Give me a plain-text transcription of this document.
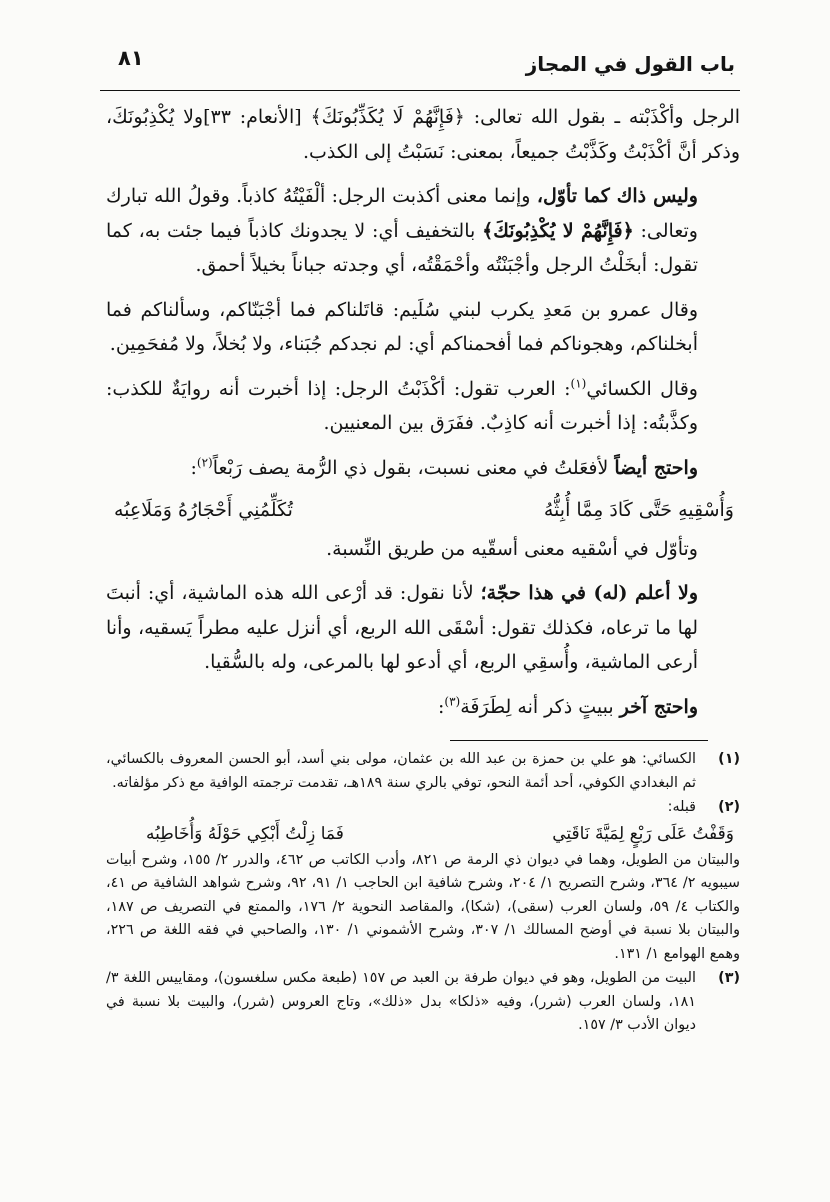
باب القول في المجاز
٨١

الرجل وأكْذَبْته ـ بقول الله تعالى: ﴿فَإِنَّهُمْ لَا يُكَذِّبُونَكَ﴾ [الأنعام: ٣٣]ولا يُكْذِبُونَكَ، وذكر أنَّ أكْذَبْتُ وكَذَّبْتُ جميعاً، بمعنى: نَسَبْتُ إلى الكذب.

وليس ذاك كما تأوّل، وإنما معنى أكذبت الرجل: ألْفَيْتُهُ كاذباً. وقولُ الله تبارك وتعالى: ﴿فَإِنَّهُمْ لا يُكْذِبُونَكَ﴾ بالتخفيف أي: لا يجدونك كاذباً فيما جئت به، كما تقول: أبخَلْتُ الرجل وأجْبَنْتُه وأحْمَقْتُه، أي وجدته جباناً بخيلاً أحمق.

وقال عمرو بن مَعدِ يكرب لبني سُلَيم: قاتَلناكم فما أجْبَنّاكم، وسألناكم فما أبخلناكم، وهجوناكم فما أفحمناكم أي: لم نجدكم جُبَناء، ولا بُخلاً، ولا مُفحَمِين.

وقال الكسائي$^{(١)}$: العرب تقول: أكْذَبْتُ الرجل: إذا أخبرت أنه روايَةٌ للكذب: وكذَّبتُه: إذا أخبرت أنه كاذِبٌ. ففَرَق بين المعنيين.

واحتج أيضاً لأفعَلتُ في معنى نسبت، بقول ذي الرُّمة يصف رَبْعاً$^{(٢)}$:

وَأُسْقِيهِ حَتَّى كَادَ مِمَّا أُبِثُّهُ
تُكَلِّمُنِي أَحْجَارُهُ وَمَلَاعِبُه

وتأوّل في أسْقيه معنى أسقّيه من طريق النِّسبة.

ولا أعلم (له) في هذا حجّة؛ لأنا نقول: قد أرْعى الله هذه الماشية، أي: أنبتَ لها ما ترعاه، فكذلك تقول: أسْقَى الله الربع، أي أنزل عليه مطراً يَسقيه، وأنا أرعى الماشية، وأُسقِي الربع، أي أدعو لها بالمرعى، وله بالسُّقيا.

واحتج آخر ببيتٍ ذكر أنه لِطَرَفَة$^{(٣)}$:

(١)
الكسائي: هو علي بن حمزة بن عبد الله بن عثمان، مولى بني أسد، أبو الحسن المعروف بالكسائي، ثم البغدادي الكوفي، أحد أئمة النحو، توفي بالري سنة ١٨٩هـ، تقدمت ترجمته الوافية مع ذكر مؤلفاته.
(٢)
قبله:
وَقَفْتُ عَلَى رَبْعٍ لِمَيَّةَ نَاقَتِي
فَمَا زِلْتُ أَبْكِي حَوْلَهُ وَأُخَاطِبُه
والبيتان من الطويل، وهما في ديوان ذي الرمة ص ٨٢١، وأدب الكاتب ص ٤٦٢، والدرر ٢/ ١٥٥، وشرح أبيات سيبويه ٢/ ٣٦٤، وشرح التصريح ١/ ٢٠٤، وشرح شافية ابن الحاجب ١/ ٩١، ٩٢، وشرح شواهد الشافية ص ٤١، والكتاب ٤/ ٥٩، ولسان العرب (سقى)، (شكا)، والمقاصد النحوية ٢/ ١٧٦، والممتع في التصريف ص ١٨٧، والبيتان بلا نسبة في أوضح المسالك ١/ ٣٠٧، وشرح الأشموني ١/ ١٣٠، والصاحبي في فقه اللغة ص ٢٢٦، وهمع الهوامع ١/ ١٣١.
(٣)
البيت من الطويل، وهو في ديوان طرفة بن العبد ص ١٥٧ (طبعة مكس سلغسون)، ومقاييس اللغة ٣/ ١٨١، ولسان العرب (شرر)، وفيه «ذلكا» بدل «ذلك»، وتاج العروس (شرر)، والبيت بلا نسبة في ديوان الأدب ٣/ ١٥٧.
